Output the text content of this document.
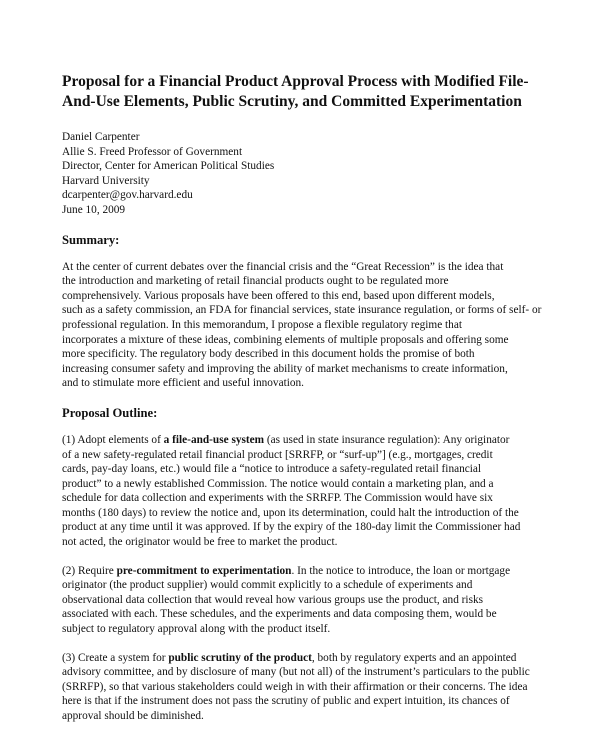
Proposal for a Financial Product Approval Process with Modified File-
And-Use Elements, Public Scrutiny, and Committed Experimentation
Daniel Carpenter
Allie S. Freed Professor of Government
Director, Center for American Political Studies
Harvard University
dcarpenter@gov.harvard.edu
June 10, 2009
Summary:
At the center of current debates over the financial crisis and the “Great Recession” is the idea that
the introduction and marketing of retail financial products ought to be regulated more
comprehensively. Various proposals have been offered to this end, based upon different models,
such as a safety commission, an FDA for financial services, state insurance regulation, or forms of self- or
professional regulation. In this memorandum, I propose a flexible regulatory regime that
incorporates a mixture of these ideas, combining elements of multiple proposals and offering some
more specificity. The regulatory body described in this document holds the promise of both
increasing consumer safety and improving the ability of market mechanisms to create information,
and to stimulate more efficient and useful innovation.
Proposal Outline:
(1) Adopt elements of a file-and-use system (as used in state insurance regulation): Any originator
of a new safety-regulated retail financial product [SRRFP, or “surf-up”] (e.g., mortgages, credit
cards, pay-day loans, etc.) would file a “notice to introduce a safety-regulated retail financial
product” to a newly established Commission. The notice would contain a marketing plan, and a
schedule for data collection and experiments with the SRRFP. The Commission would have six
months (180 days) to review the notice and, upon its determination, could halt the introduction of the
product at any time until it was approved. If by the expiry of the 180-day limit the Commissioner had
not acted, the originator would be free to market the product.
(2) Require pre-commitment to experimentation. In the notice to introduce, the loan or mortgage
originator (the product supplier) would commit explicitly to a schedule of experiments and
observational data collection that would reveal how various groups use the product, and risks
associated with each. These schedules, and the experiments and data composing them, would be
subject to regulatory approval along with the product itself.
(3) Create a system for public scrutiny of the product, both by regulatory experts and an appointed
advisory committee, and by disclosure of many (but not all) of the instrument’s particulars to the public
(SRRFP), so that various stakeholders could weigh in with their affirmation or their concerns. The idea
here is that if the instrument does not pass the scrutiny of public and expert intuition, its chances of
approval should be diminished.
